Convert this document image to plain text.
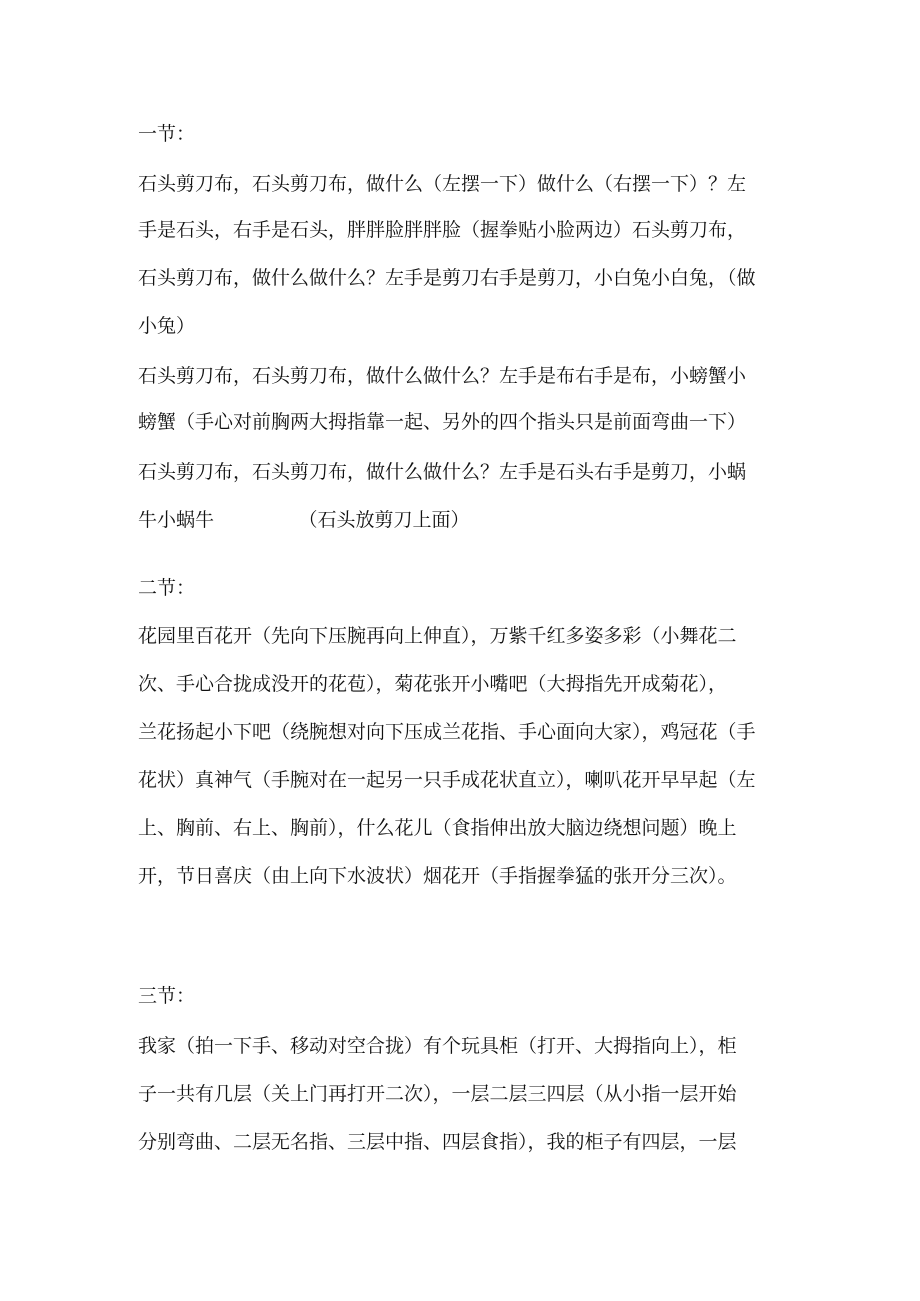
一节：
石头剪刀布，石头剪刀布，做什么（左摆一下）做什么（右摆一下）？左
手是石头，右手是石头，胖胖脸胖胖脸（握拳贴小脸两边）石头剪刀布，
石头剪刀布，做什么做什么？左手是剪刀右手是剪刀，小白兔小白兔，（做
小兔）
石头剪刀布，石头剪刀布，做什么做什么？左手是布右手是布，小螃蟹小
螃蟹（手心对前胸两大拇指靠一起、另外的四个指头只是前面弯曲一下）
石头剪刀布，石头剪刀布，做什么做什么？左手是石头右手是剪刀，小蜗
牛小蜗牛              （石头放剪刀上面）
二节：
花园里百花开（先向下压腕再向上伸直），万紫千红多姿多彩（小舞花二
次、手心合拢成没开的花苞），菊花张开小嘴吧（大拇指先开成菊花），
兰花扬起小下吧（绕腕想对向下压成兰花指、手心面向大家），鸡冠花（手
花状）真神气（手腕对在一起另一只手成花状直立），喇叭花开早早起（左
上、胸前、右上、胸前），什么花儿（食指伸出放大脑边绕想问题）晚上
开，节日喜庆（由上向下水波状）烟花开（手指握拳猛的张开分三次）。
三节：
我家（拍一下手、移动对空合拢）有个玩具柜（打开、大拇指向上），柜
子一共有几层（关上门再打开二次），一层二层三四层（从小指一层开始
分别弯曲、二层无名指、三层中指、四层食指），我的柜子有四层，一层
